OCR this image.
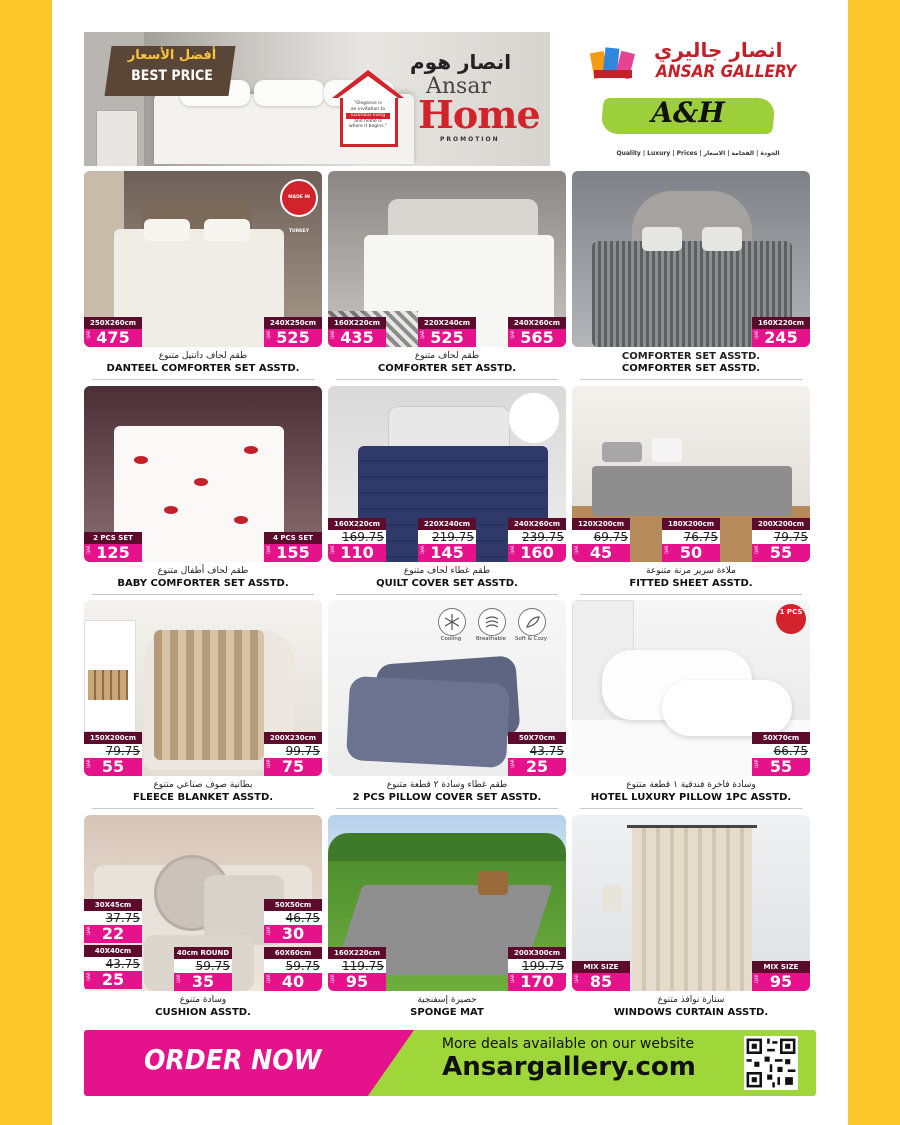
أفضل الأسعار
BEST PRICE
"Elegance is
an invitation to
luxurious living
and home is
where it begins."
انصار هوم
Ansar
Home
PROMOTION
انصار جاليري
ANSAR GALLERY
A&H
Quality | Luxury | Prices | الجودة | الفخامة | الاسعار
MADE IN TURKEY
250X260cm
475
QAR
240X250cm
525
QAR
طقم لحاف دانتيل متنوع
DANTEEL COMFORTER SET ASSTD.
160X220cm
435
QAR
220X240cm
525
QAR
240X260cm
565
QAR
طقم لحاف متنوع
COMFORTER SET ASSTD.
160X220cm
245
QAR
COMFORTER SET ASSTD.
COMFORTER SET ASSTD.
2 PCS SET
125
QAR
4 PCS SET
155
QAR
طقم لحاف أطفال متنوع
BABY COMFORTER SET ASSTD.
160X220cm
169.75
110
QAR
220X240cm
219.75
145
QAR
240X260cm
239.75
160
QAR
طقم غطاء لحاف متنوع
QUILT COVER SET ASSTD.
120X200cm
69.75
45
QAR
180X200cm
76.75
50
QAR
200X200cm
79.75
55
QAR
ملاءة سرير مرنة متنوعة
FITTED SHEET ASSTD.
150X200cm
79.75
55
QAR
200X230cm
99.75
75
QAR
بطانية صوف صناعي متنوع
FLEECE BLANKET ASSTD.
Cooling	Breathable	Soft & Cozy
50X70cm
43.75
25
QAR
طقم غطاء وسادة ٢ قطعة متنوع
2 PCS PILLOW COVER SET ASSTD.
1 PCS
50X70cm
66.75
55
QAR
وسادة فاخرة فندقية ١ قطعة متنوع
HOTEL LUXURY PILLOW 1PC ASSTD.
30X45cm
37.75
22
QAR
50X50cm
46.75
30
QAR
40X40cm
43.75
25
QAR
40cm ROUND
59.75
35
QAR
60X60cm
59.75
40
QAR
وسادة متنوع
CUSHION ASSTD.
160X220cm
119.75
95
QAR
200X300cm
199.75
170
QAR
حصيرة إسفنجية
SPONGE MAT
MIX SIZE
85
QAR
MIX SIZE
95
QAR
ستارة نوافذ متنوع
WINDOWS CURTAIN ASSTD.
ORDER NOW	More deals available on our website
Ansargallery.com
